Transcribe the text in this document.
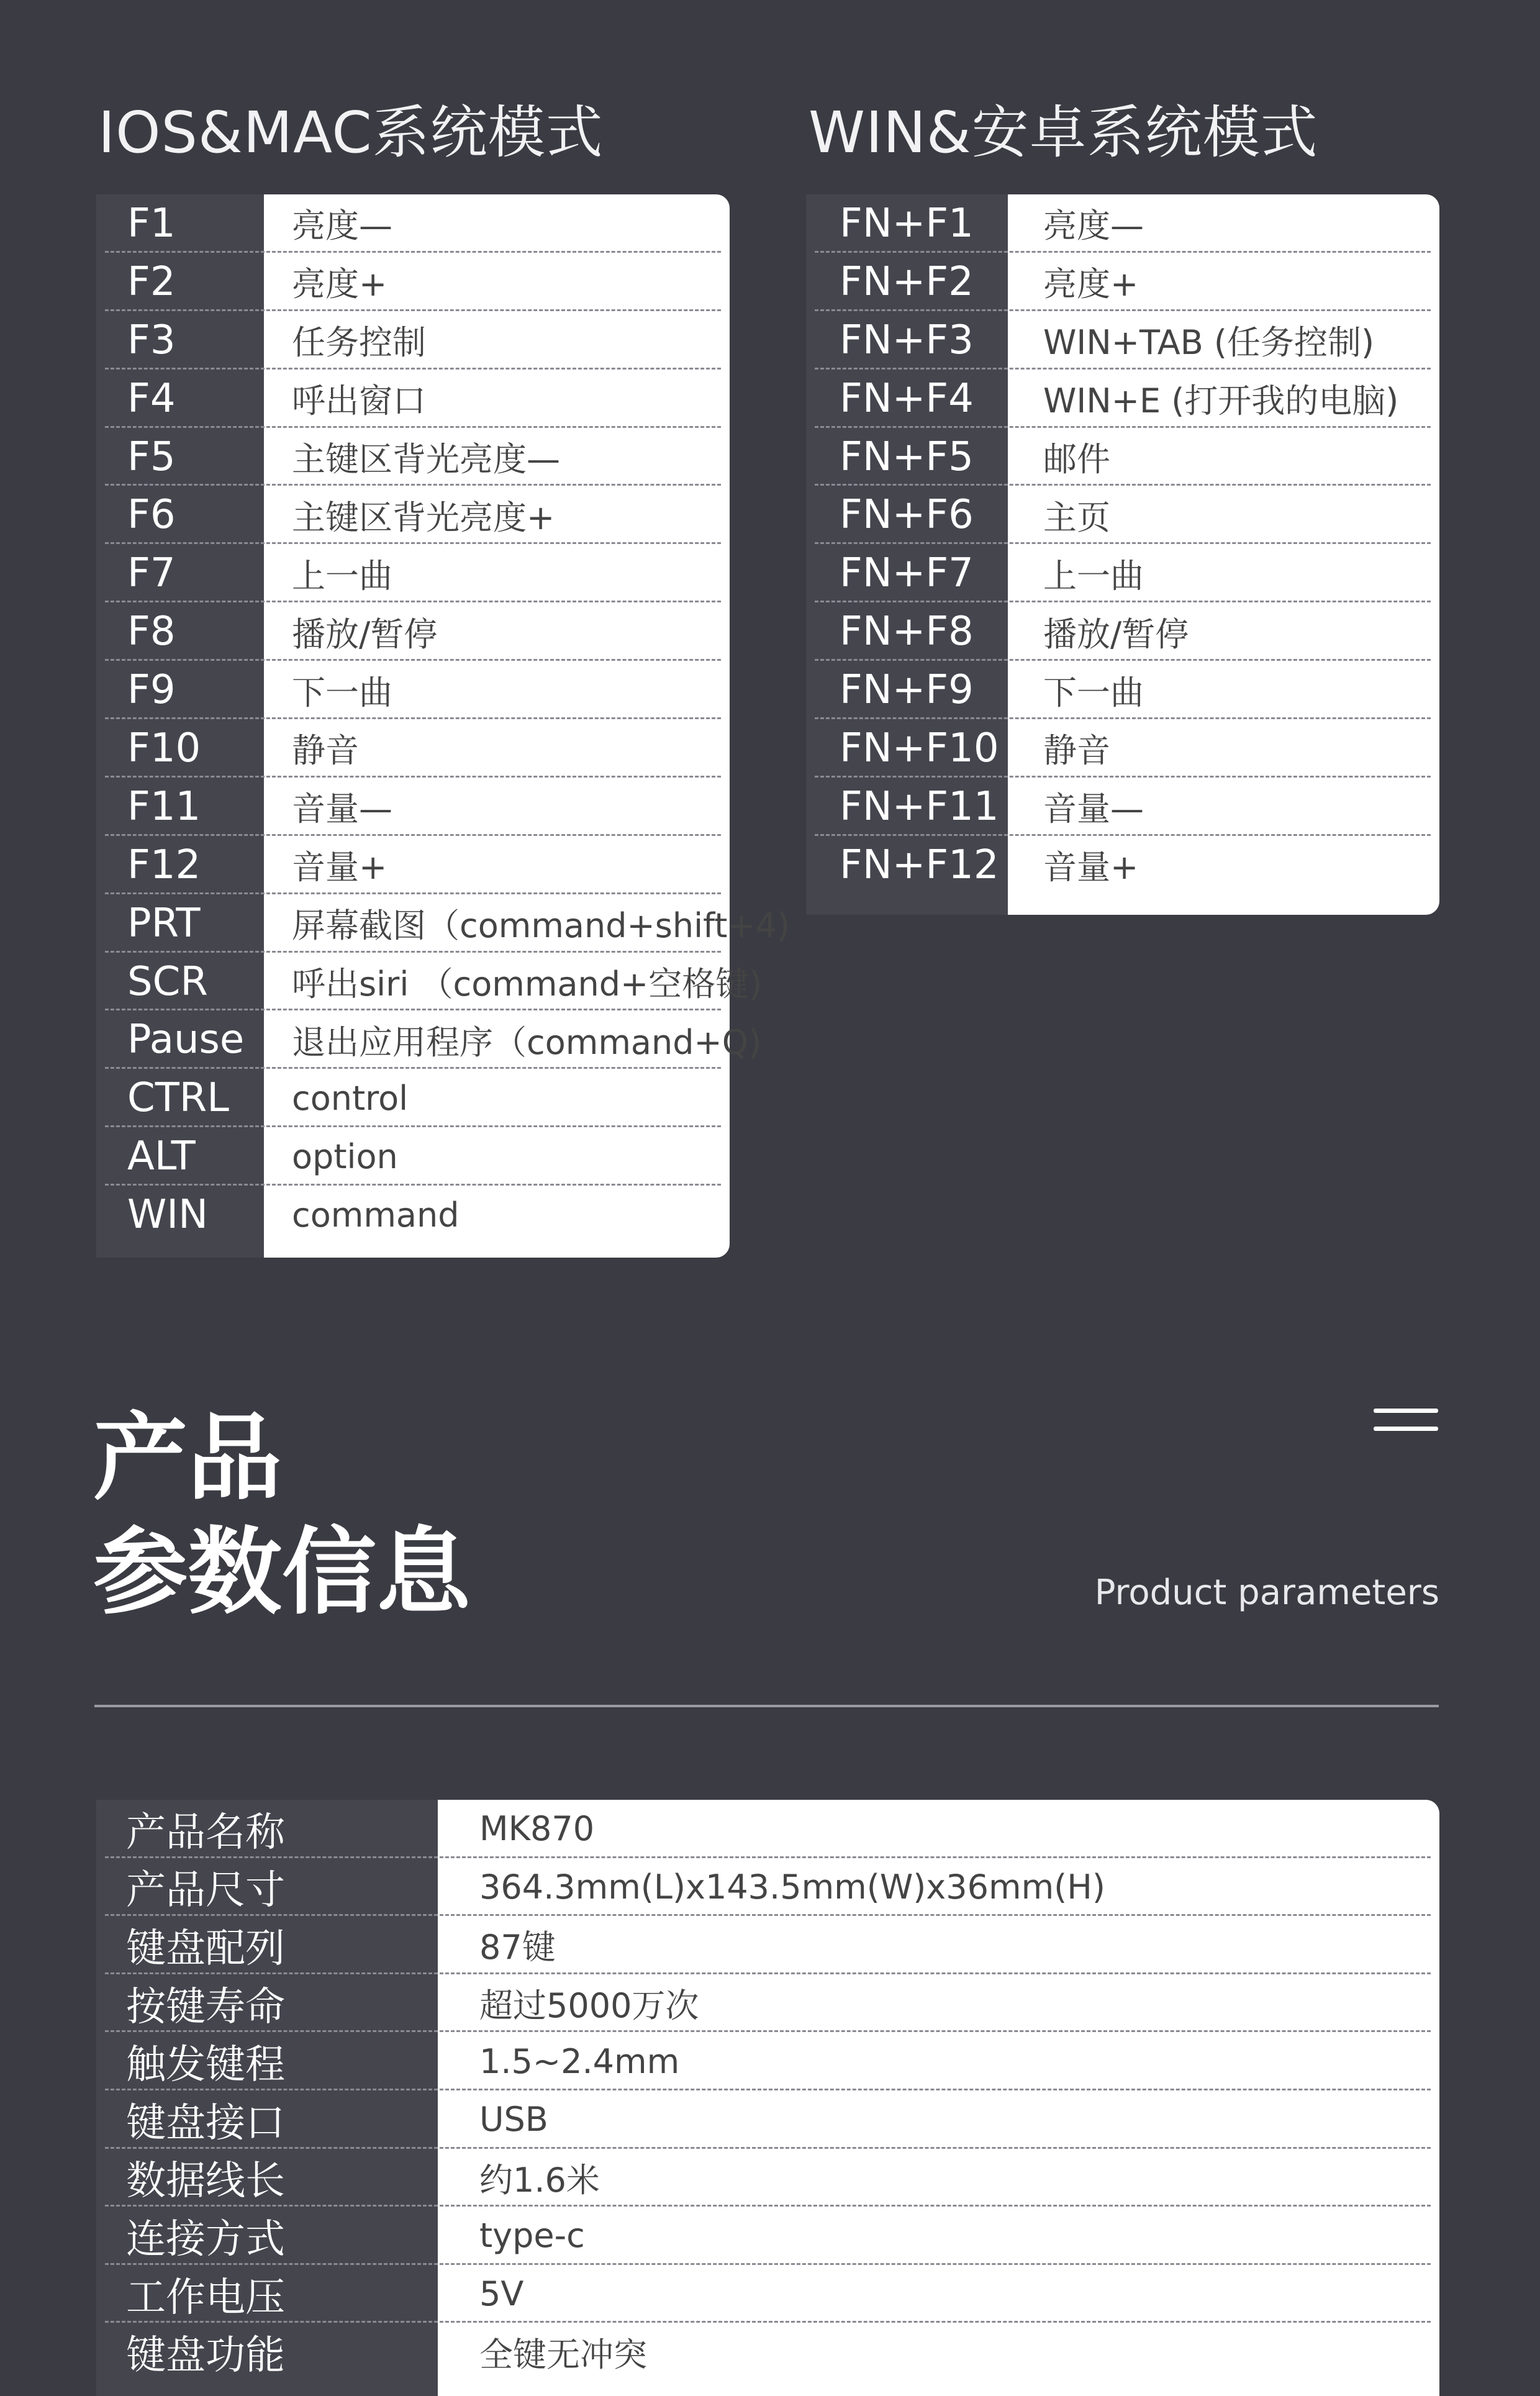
IOS&MAC系统模式	WIN&安卓系统模式
F1	亮度—
F2	亮度+
F3	任务控制
F4	呼出窗口
F5	主键区背光亮度—
F6	主键区背光亮度+
F7	上一曲
F8	播放/暂停
F9	下一曲
F10	静音
F11	音量—
F12	音量+
PRT	屏幕截图（command+shift+4)
SCR	呼出siri （command+空格键)
Pause 退出应用程序（command+Q)
CTRL control
ALT	option
WIN command
FN+F1 亮度—
FN+F2 亮度+
FN+F3 WIN+TAB (任务控制)
FN+F4 WIN+E (打开我的电脑)
FN+F5 邮件
FN+F6 主页
FN+F7 上一曲
FN+F8 播放/暂停
FN+F9 下一曲
FN+F10 静音
FN+F11 音量—
FN+F12 音量+
产品
参数信息	Product parameters
产品名称	MK870
产品尺寸	364.3mm(L)x143.5mm(W)x36mm(H)
键盘配列	87键
按键寿命	超过5000万次
触发键程	1.5~2.4mm
键盘接口	USB
数据线长	约1.6米
连接方式	type-c
工作电压	5V
键盘功能	全键无冲突
